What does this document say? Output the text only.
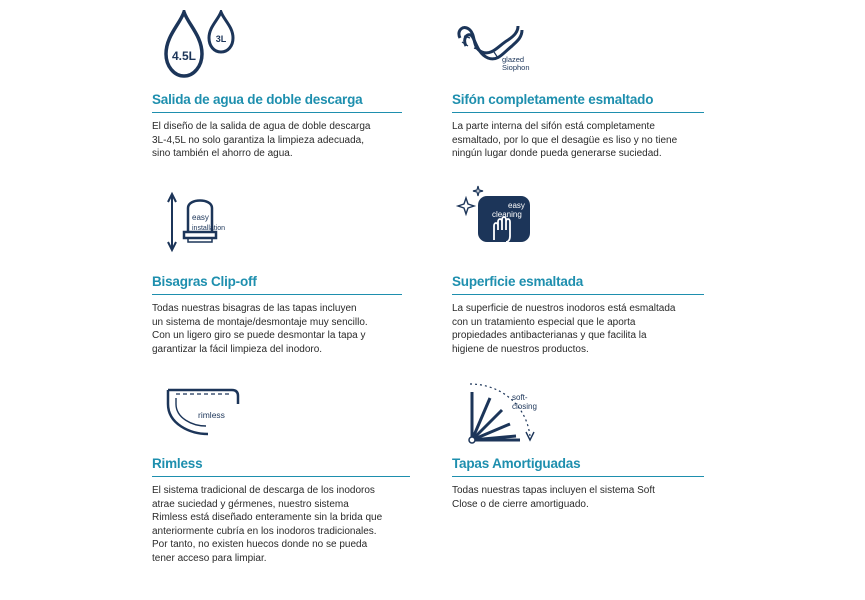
4.5L
3L
Salida de agua de doble descarga

El diseño de la salida de agua de doble descarga
3L-4,5L no solo garantiza la limpieza adecuada,
sino también el ahorro de agua.

glazed
Siophon
Sifón completamente esmaltado

La parte interna del sifón está completamente
esmaltado, por lo que el desagüe es liso y no tiene
ningún lugar donde pueda generarse suciedad.

easy
installation
Bisagras Clip-off

Todas nuestras bisagras de las tapas incluyen
un sistema de montaje/desmontaje muy sencillo.
Con un ligero giro se puede desmontar la tapa y
garantizar la fácil limpieza del inodoro.

easy
cleaning
Superficie esmaltada

La superficie de nuestros inodoros está esmaltada
con un tratamiento especial que le aporta
propiedades antibacterianas y que facilita la
higiene de nuestros productos.

rimless
Rimless

El sistema tradicional de descarga de los inodoros
atrae suciedad y gérmenes, nuestro sistema
Rimless está diseñado enteramente sin la brida que
anteriormente cubría en los inodoros tradicionales.
Por tanto, no existen huecos donde no se pueda
tener acceso para limpiar.

soft-
closing
Tapas Amortiguadas

Todas nuestras tapas incluyen el sistema Soft
Close o de cierre amortiguado.
